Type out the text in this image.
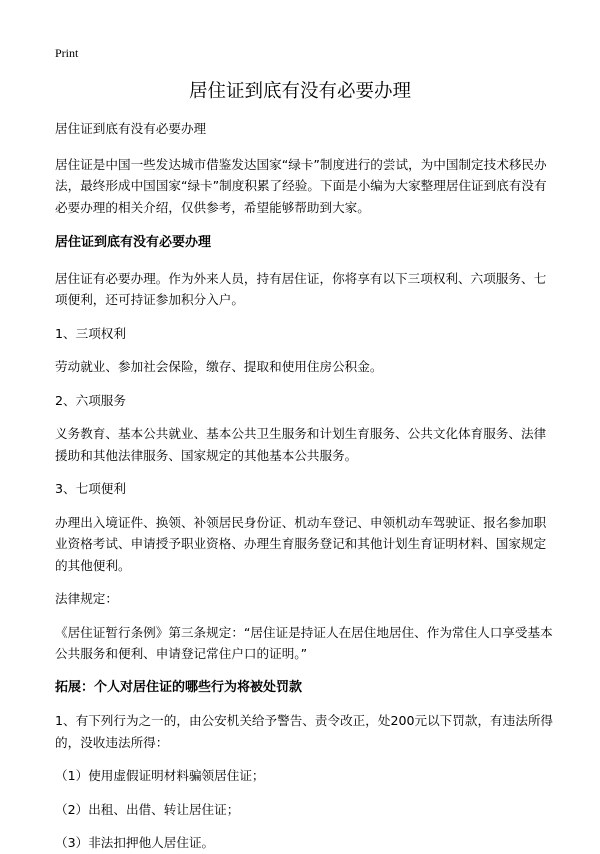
Print
居住证到底有没有必要办理

居住证到底有没有必要办理

居住证是中国一些发达城市借鉴发达国家“绿卡”制度进行的尝试，为中国制定技术移民办法，最终形成中国国家“绿卡”制度积累了经验。下面是小编为大家整理居住证到底有没有必要办理的相关介绍，仅供参考，希望能够帮助到大家。

居住证到底有没有必要办理

居住证有必要办理。作为外来人员，持有居住证，你将享有以下三项权利、六项服务、七项便利，还可持证参加积分入户。

1、三项权利

劳动就业、参加社会保险，缴存、提取和使用住房公积金。

2、六项服务

义务教育、基本公共就业、基本公共卫生服务和计划生育服务、公共文化体育服务、法律援助和其他法律服务、国家规定的其他基本公共服务。

3、七项便利

办理出入境证件、换领、补领居民身份证、机动车登记、申领机动车驾驶证、报名参加职业资格考试、申请授予职业资格、办理生育服务登记和其他计划生育证明材料、国家规定的其他便利。

法律规定：

《居住证暂行条例》第三条规定：“居住证是持证人在居住地居住、作为常住人口享受基本公共服务和便利、申请登记常住户口的证明。”

拓展：个人对居住证的哪些行为将被处罚款

1、有下列行为之一的，由公安机关给予警告、责令改正，处200元以下罚款，有违法所得的，没收违法所得：

（1）使用虚假证明材料骗领居住证；

（2）出租、出借、转让居住证；

（3）非法扣押他人居住证。
